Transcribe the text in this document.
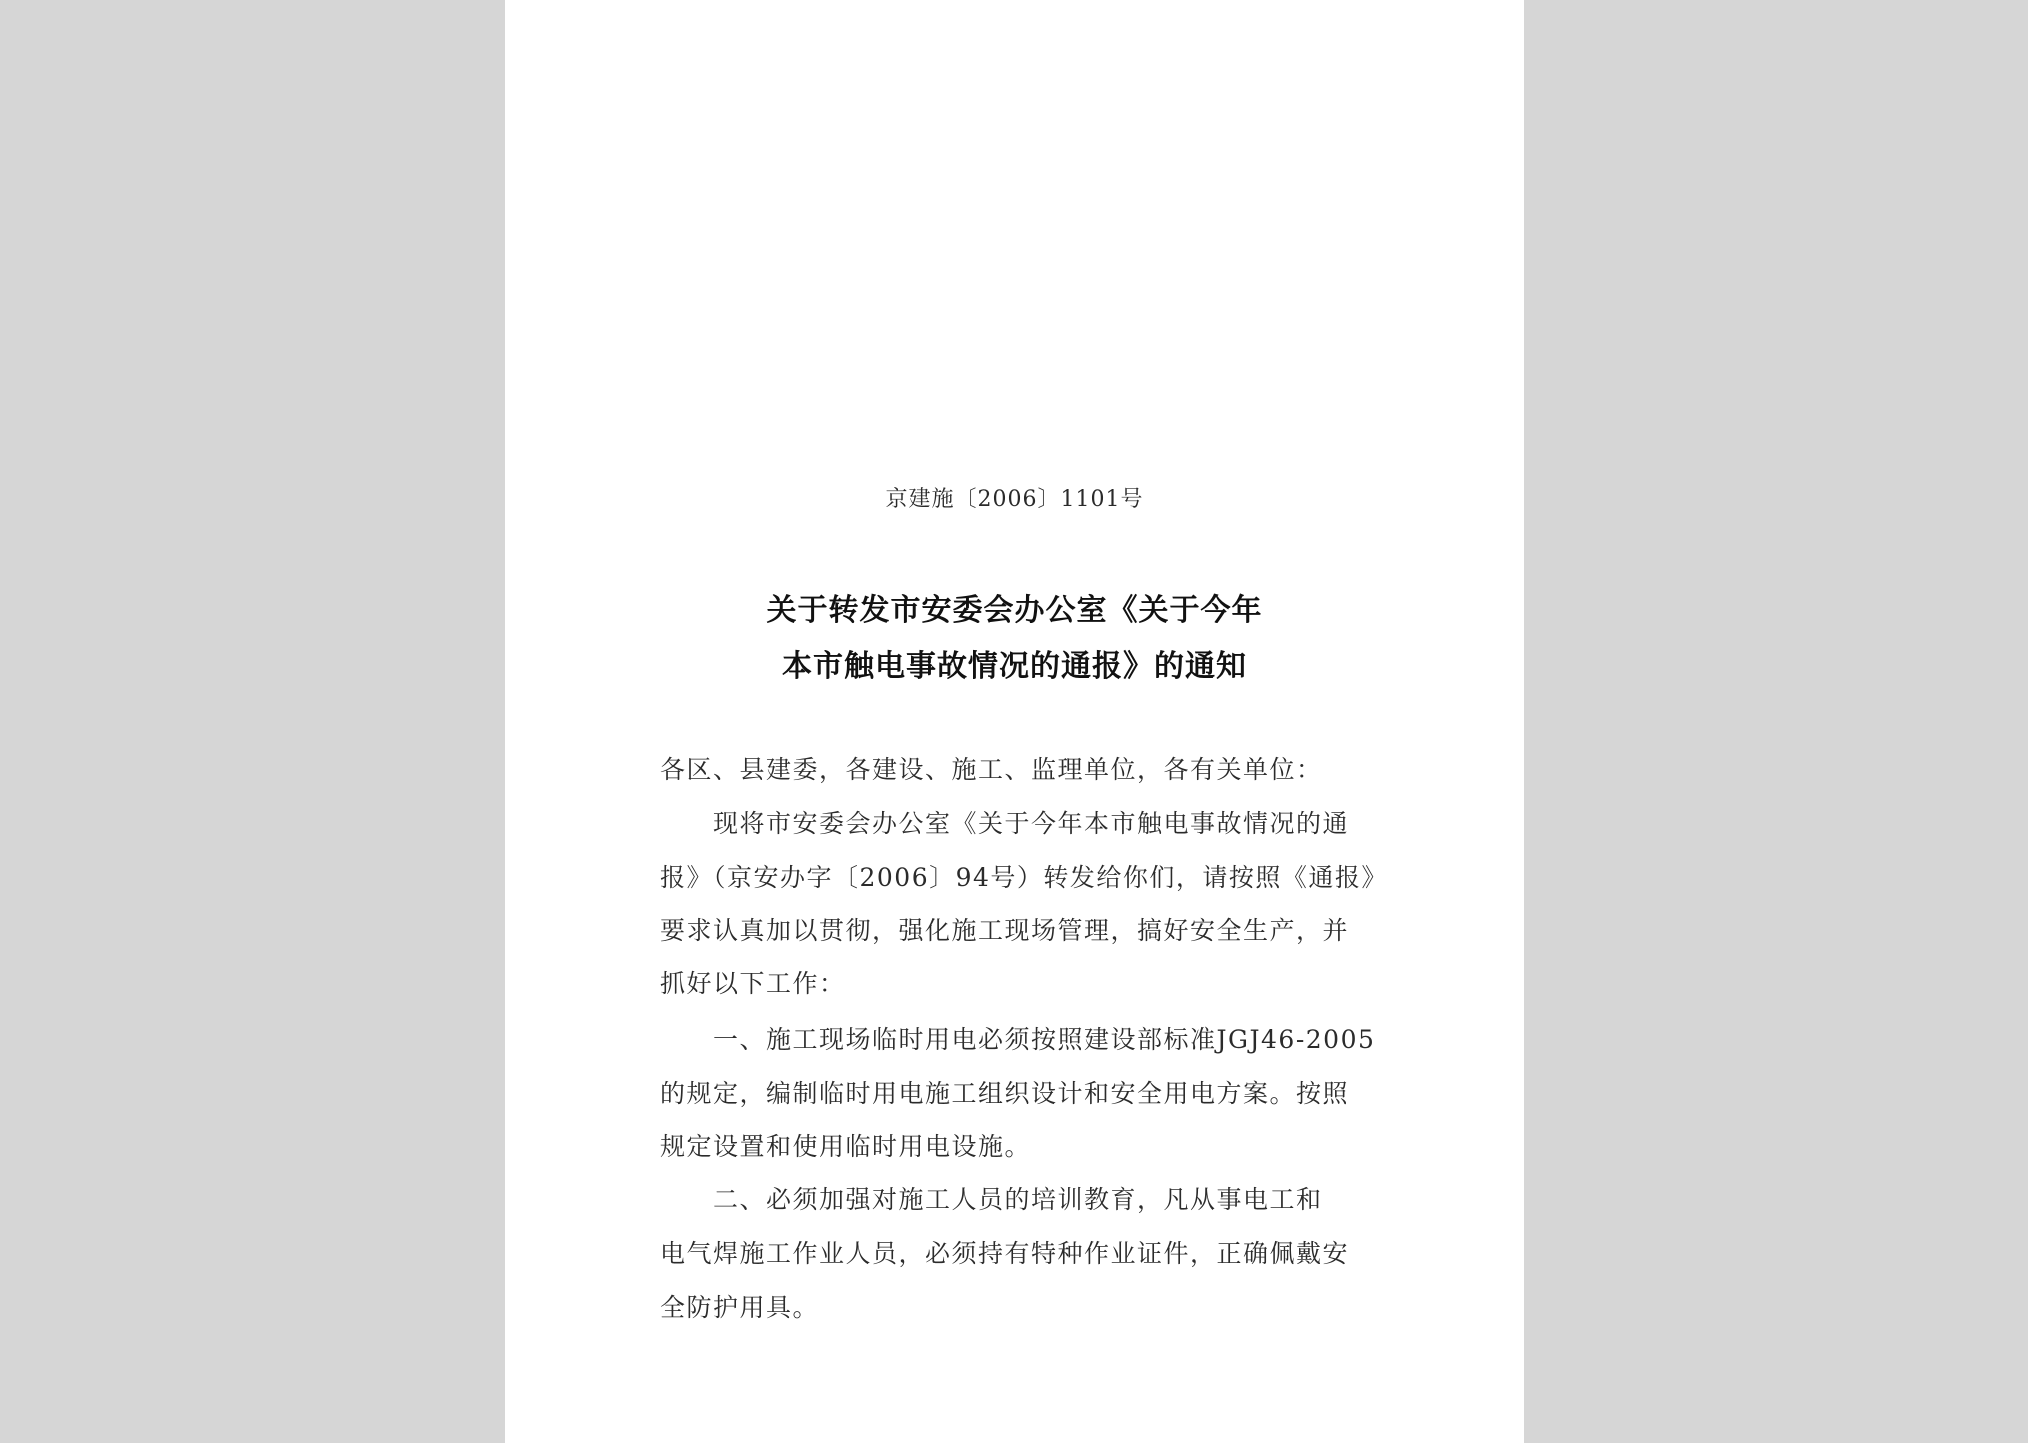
京建施〔2006〕1101号
关于转发市安委会办公室《关于今年
本市触电事故情况的通报》的通知
各区、县建委，各建设、施工、监理单位，各有关单位：
　　现将市安委会办公室《关于今年本市触电事故情况的通
报》（京安办字〔2006〕94号）转发给你们，请按照《通报》
要求认真加以贯彻，强化施工现场管理，搞好安全生产，并
抓好以下工作：
　　一、施工现场临时用电必须按照建设部标准JGJ46-2005
的规定，编制临时用电施工组织设计和安全用电方案。按照
规定设置和使用临时用电设施。
　　二、必须加强对施工人员的培训教育，凡从事电工和
电气焊施工作业人员，必须持有特种作业证件，正确佩戴安
全防护用具。
